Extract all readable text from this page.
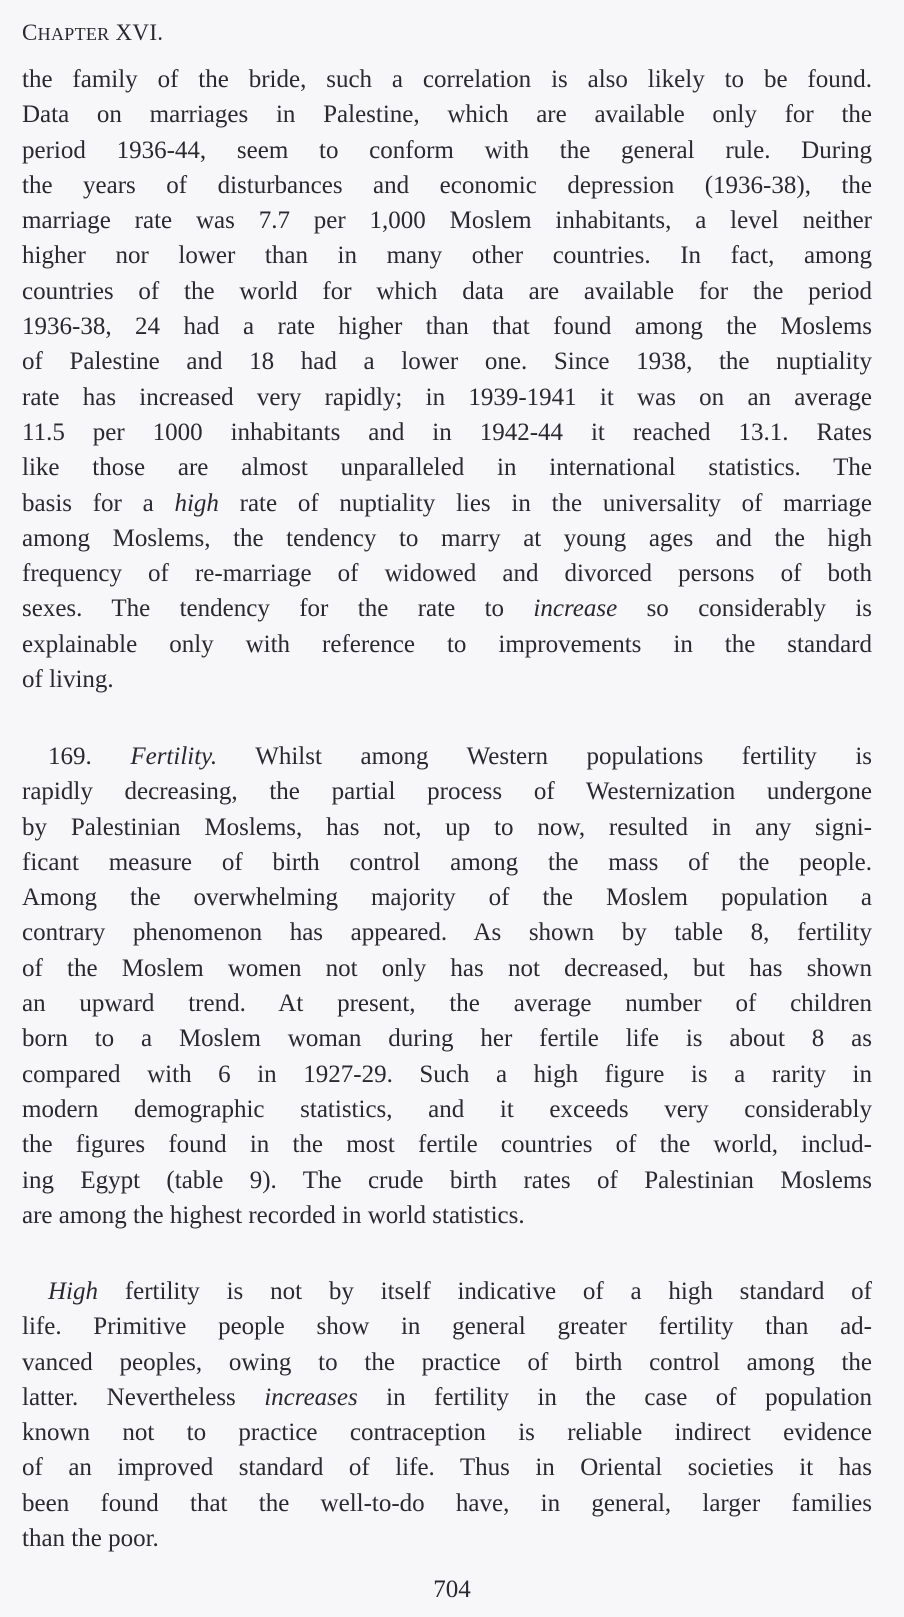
CHAPTER XVI.
the family of the bride, such a correlation is also likely to be found.
Data on marriages in Palestine, which are available only for the
period 1936-44, seem to conform with the general rule. During
the years of disturbances and economic depression (1936-38), the
marriage rate was 7.7 per 1,000 Moslem inhabitants, a level neither
higher nor lower than in many other countries. In fact, among
countries of the world for which data are available for the period
1936-38, 24 had a rate higher than that found among the Moslems
of Palestine and 18 had a lower one. Since 1938, the nuptiality
rate has increased very rapidly; in 1939-1941 it was on an average
11.5 per 1000 inhabitants and in 1942-44 it reached 13.1. Rates
like those are almost unparalleled in international statistics. The
basis for a high rate of nuptiality lies in the universality of marriage
among Moslems, the tendency to marry at young ages and the high
frequency of re-marriage of widowed and divorced persons of both
sexes. The tendency for the rate to increase so considerably is
explainable only with reference to improvements in the standard
of living.
169. Fertility. Whilst among Western populations fertility is
rapidly decreasing, the partial process of Westernization undergone
by Palestinian Moslems, has not, up to now, resulted in any signi-
ficant measure of birth control among the mass of the people.
Among the overwhelming majority of the Moslem population a
contrary phenomenon has appeared. As shown by table 8, fertility
of the Moslem women not only has not decreased, but has shown
an upward trend. At present, the average number of children
born to a Moslem woman during her fertile life is about 8 as
compared with 6 in 1927-29. Such a high figure is a rarity in
modern demographic statistics, and it exceeds very considerably
the figures found in the most fertile countries of the world, includ-
ing Egypt (table 9). The crude birth rates of Palestinian Moslems
are among the highest recorded in world statistics.
High fertility is not by itself indicative of a high standard of
life. Primitive people show in general greater fertility than ad-
vanced peoples, owing to the practice of birth control among the
latter. Nevertheless increases in fertility in the case of population
known not to practice contraception is reliable indirect evidence
of an improved standard of life. Thus in Oriental societies it has
been found that the well-to-do have, in general, larger families
than the poor.
704
